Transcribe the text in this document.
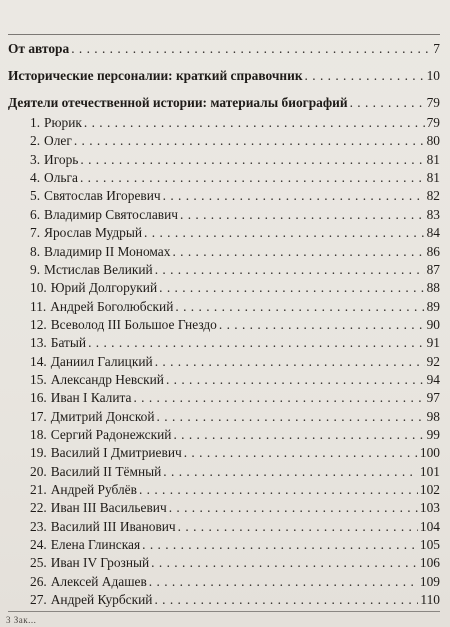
От автора . . .	7
Исторические персоналии: краткий справочник . . .	10
Деятели отечественной истории: материалы биографий . . .	79
1. Рюрик . . .	79
2. Олег . . .	80
3. Игорь . . .	81
4. Ольга . . .	81
5. Святослав Игоревич . . .	82
6. Владимир Святославич . . .	83
7. Ярослав Мудрый . . .	84
8. Владимир II Мономах . . .	86
9. Мстислав Великий . . .	87
10. Юрий Долгорукий . . .	88
11. Андрей Боголюбский . . .	89
12. Всеволод III Большое Гнездо . . .	90
13. Батый . . .	91
14. Даниил Галицкий . . .	92
15. Александр Невский . . .	94
16. Иван I Калита . . .	97
17. Дмитрий Донской . . .	98
18. Сергий Радонежский . . .	99
19. Василий I Дмитриевич . . .	100
20. Василий II Тёмный . . .	101
21. Андрей Рублёв . . .	102
22. Иван III Васильевич . . .	103
23. Василий III Иванович . . .	104
24. Елена Глинская . . .	105
25. Иван IV Грозный . . .	106
26. Алексей Адашев . . .	109
27. Андрей Курбский . . .	110
3 Зак...
